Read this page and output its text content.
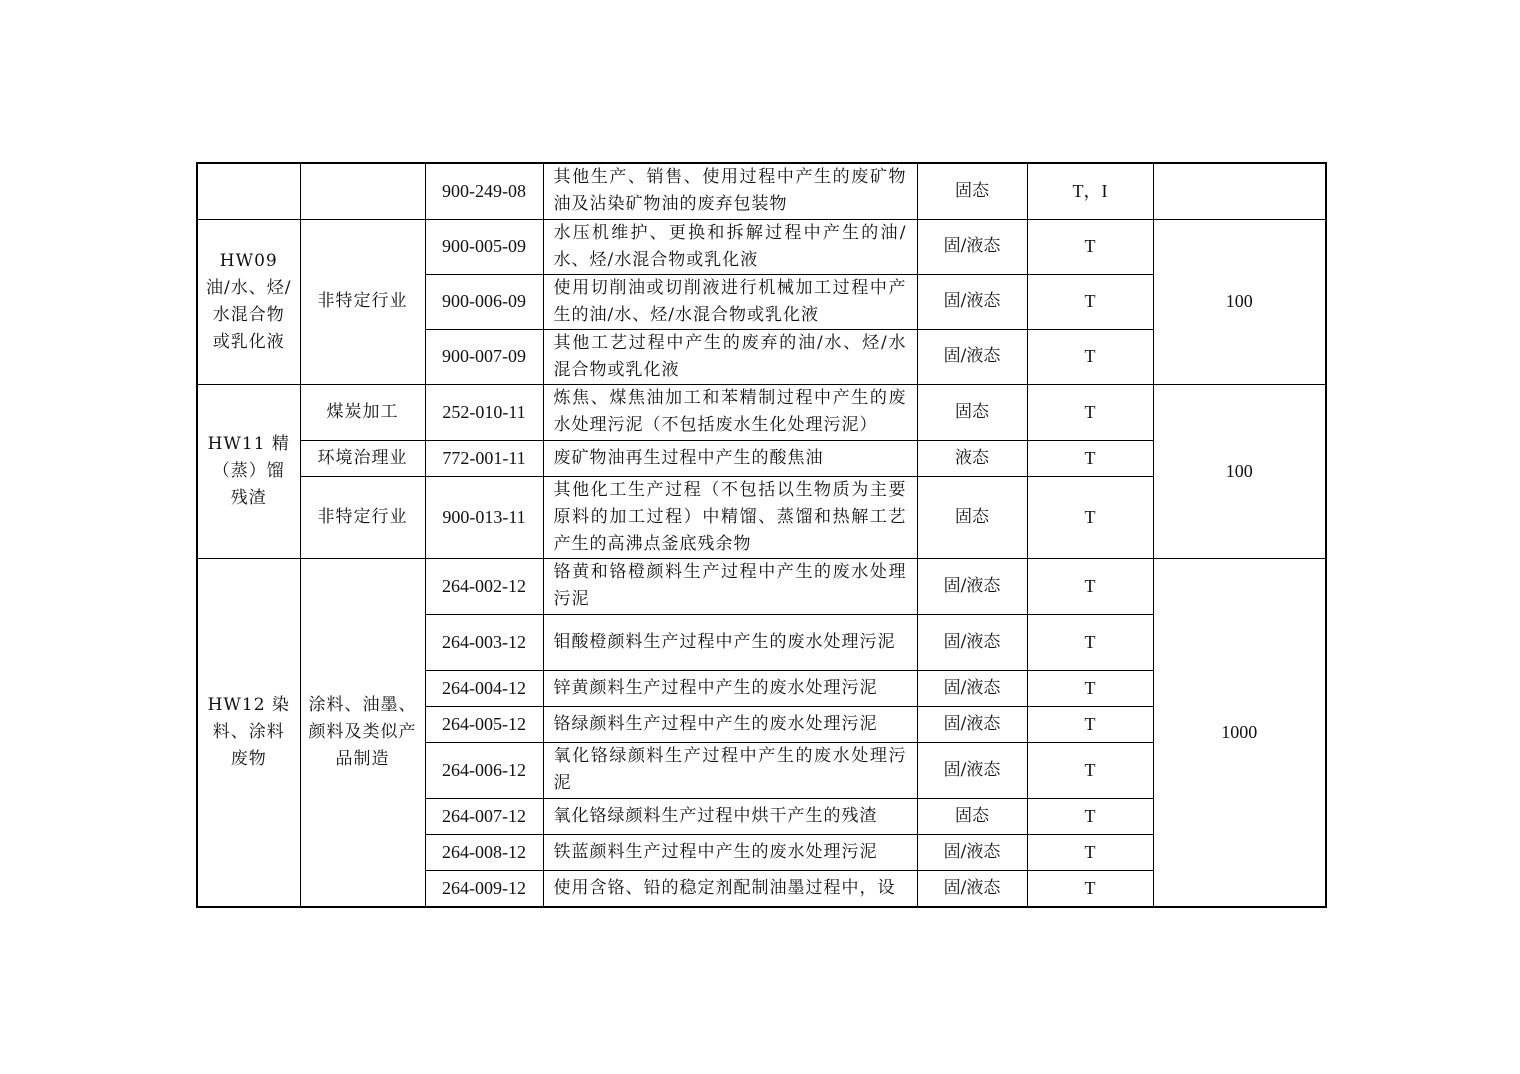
		900-249-08	其他生产、销售、使用过程中产生的废矿物油及沾染矿物油的废弃包装物	固态	T，I	
HW09 油/水、烃/水混合物或乳化液	非特定行业	900-005-09	水压机维护、更换和拆解过程中产生的油/水、烃/水混合物或乳化液	固/液态	T	100
		900-006-09	使用切削油或切削液进行机械加工过程中产生的油/水、烃/水混合物或乳化液	固/液态	T	
		900-007-09	其他工艺过程中产生的废弃的油/水、烃/水混合物或乳化液	固/液态	T	
HW11 精（蒸）馏残渣	煤炭加工	252-010-11	炼焦、煤焦油加工和苯精制过程中产生的废水处理污泥（不包括废水生化处理污泥）	固态	T	100
	环境治理业	772-001-11	废矿物油再生过程中产生的酸焦油	液态	T	
	非特定行业	900-013-11	其他化工生产过程（不包括以生物质为主要原料的加工过程）中精馏、蒸馏和热解工艺产生的高沸点釜底残余物	固态	T	
HW12 染料、涂料废物	涂料、油墨、颜料及类似产品制造	264-002-12	铬黄和铬橙颜料生产过程中产生的废水处理污泥	固/液态	T	1000
		264-003-12	钼酸橙颜料生产过程中产生的废水处理污泥	固/液态	T	
		264-004-12	锌黄颜料生产过程中产生的废水处理污泥	固/液态	T	
		264-005-12	铬绿颜料生产过程中产生的废水处理污泥	固/液态	T	
		264-006-12	氧化铬绿颜料生产过程中产生的废水处理污泥	固/液态	T	
		264-007-12	氧化铬绿颜料生产过程中烘干产生的残渣	固态	T	
		264-008-12	铁蓝颜料生产过程中产生的废水处理污泥	固/液态	T	
		264-009-12	使用含铬、铅的稳定剂配制油墨过程中，设	固/液态	T	
